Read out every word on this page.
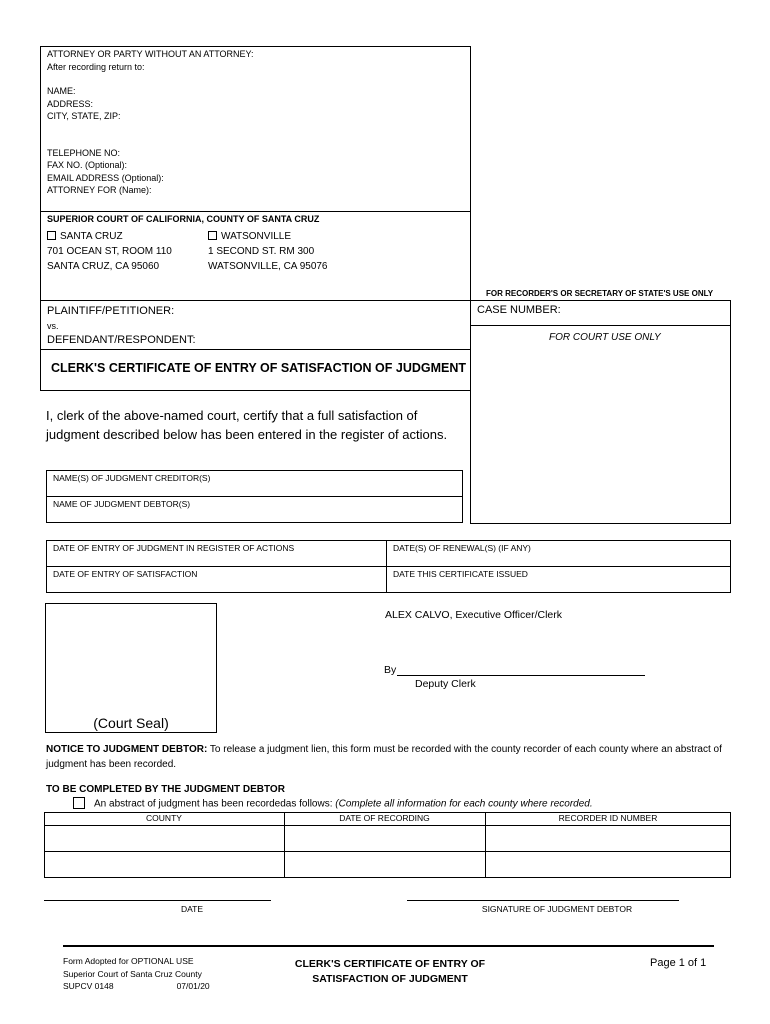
ATTORNEY OR PARTY WITHOUT AN ATTORNEY:
After recording return to:
NAME:
ADDRESS:
CITY, STATE, ZIP:
TELEPHONE NO:
FAX NO. (Optional):
EMAIL ADDRESS (Optional):
ATTORNEY FOR (Name):
SUPERIOR COURT OF CALIFORNIA, COUNTY OF SANTA CRUZ
SANTA CRUZ
701 OCEAN ST, ROOM 110
SANTA CRUZ, CA 95060
WATSONVILLE
1 SECOND ST. RM 300
WATSONVILLE, CA 95076
FOR RECORDER'S OR SECRETARY OF STATE'S USE ONLY
PLAINTIFF/PETITIONER:
vs.
DEFENDANT/RESPONDENT:
CASE NUMBER:
FOR COURT USE ONLY
CLERK'S CERTIFICATE OF ENTRY OF SATISFACTION OF JUDGMENT
I, clerk of the above-named court, certify that a full satisfaction of judgment described below has been entered in the register of actions.
NAME(S) OF JUDGMENT CREDITOR(S)
NAME OF JUDGMENT DEBTOR(S)
DATE OF ENTRY OF JUDGMENT IN REGISTER OF ACTIONS	DATE(S) OF RENEWAL(S) (IF ANY)
DATE OF ENTRY OF SATISFACTION	DATE THIS CERTIFICATE ISSUED
(Court Seal)
ALEX CALVO, Executive Officer/Clerk
By
Deputy Clerk
NOTICE TO JUDGMENT DEBTOR: To release a judgment lien, this form must be recorded with the county recorder of each county where an abstract of judgment has been recorded.
TO BE COMPLETED BY THE JUDGMENT DEBTOR
An abstract of judgment has been recordedas follows: (Complete all information for each county where recorded.
COUNTY	DATE OF RECORDING	RECORDER ID NUMBER
DATE	SIGNATURE OF JUDGMENT DEBTOR
Form Adopted for OPTIONAL USE
Superior Court of Santa Cruz County
SUPCV 0148	07/01/20
CLERK'S CERTIFICATE OF ENTRY OF
SATISFACTION OF JUDGMENT
Page 1 of 1
